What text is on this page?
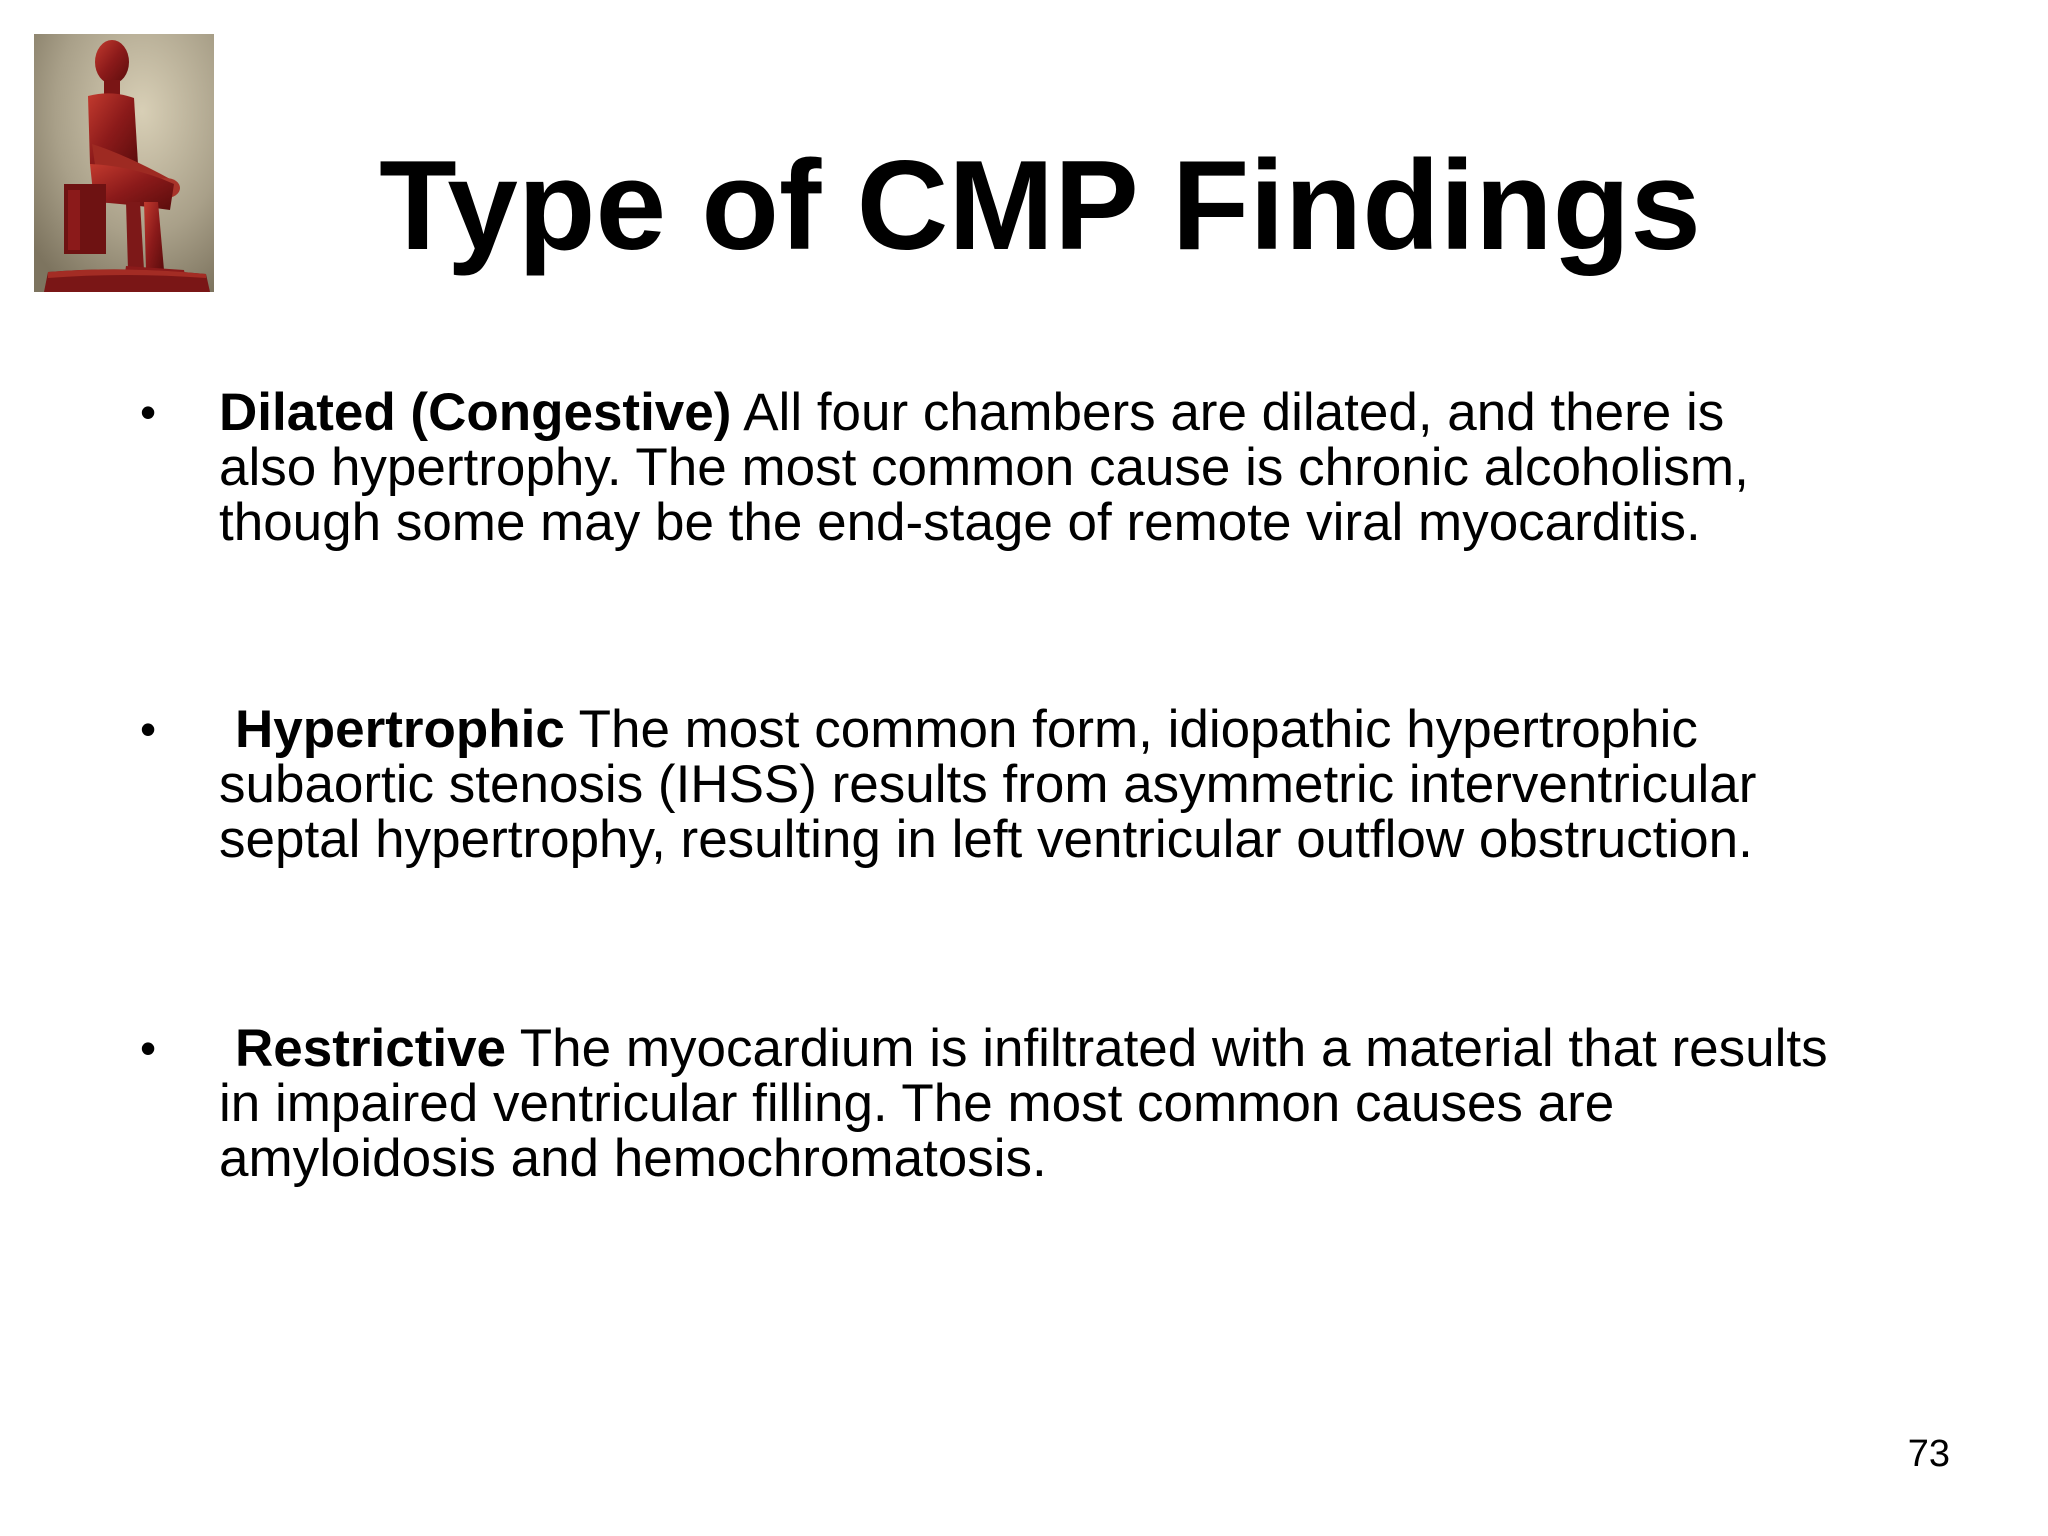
Type of CMP Findings
• Dilated (Congestive) All four chambers are dilated, and there is
also hypertrophy. The most common cause is chronic alcoholism,
though some may be the end-stage of remote viral myocarditis.
•	Hypertrophic The most common form, idiopathic hypertrophic
subaortic stenosis (IHSS) results from asymmetric interventricular
septal hypertrophy, resulting in left ventricular outflow obstruction.
•	Restrictive The myocardium is infiltrated with a material that results
in impaired ventricular filling. The most common causes are
amyloidosis and hemochromatosis.
73
